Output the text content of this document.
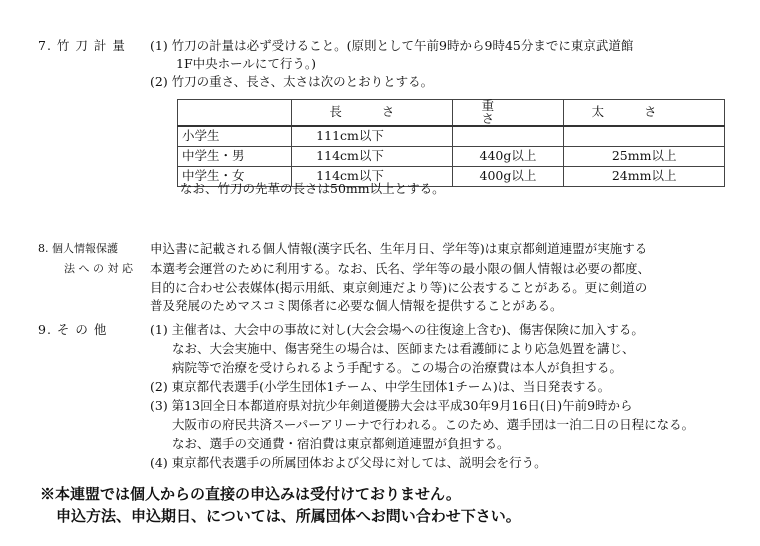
7. 竹 刀 計 量 (1) 竹刀の計量は必ず受けること。(原則として午前9時から9時45分までに東京武道館
1F中央ホールにて行う。)
(2) 竹刀の重さ、長さ、太さは次のとおりとする。
	長さ	重さ	太さ
小学生	111cm以下		
中学生・男	114cm以下	440g以上	25mm以上
中学生・女	114cm以下	400g以上	24mm以上
なお、竹刀の先革の長さは50mm以上とする。
8. 個人情報保護
法 へ の 対 応
申込書に記載される個人情報(漢字氏名、生年月日、学年等)は東京都剣道連盟が実施する
本選考会運営のために利用する。なお、氏名、学年等の最小限の個人情報は必要の都度、
目的に合わせ公表媒体(掲示用紙、東京剣連だより等)に公表することがある。更に剣道の
普及発展のためマスコミ関係者に必要な個人情報を提供することがある。
9. そ の 他	(1) 主催者は、大会中の事故に対し(大会会場への往復途上含む)、傷害保険に加入する。
なお、大会実施中、傷害発生の場合は、医師または看護師により応急処置を講じ、
病院等で治療を受けられるよう手配する。この場合の治療費は本人が負担する。
(2) 東京都代表選手(小学生団体1チーム、中学生団体1チーム)は、当日発表する。
(3) 第13回全日本都道府県対抗少年剣道優勝大会は平成30年9月16日(日)午前9時から
大阪市の府民共済スーパーアリーナで行われる。このため、選手団は一泊二日の日程になる。
なお、選手の交通費・宿泊費は東京都剣道連盟が負担する。
(4) 東京都代表選手の所属団体および父母に対しては、説明会を行う。
※本連盟では個人からの直接の申込みは受付けておりません。
申込方法、申込期日、については、所属団体へお問い合わせ下さい。
